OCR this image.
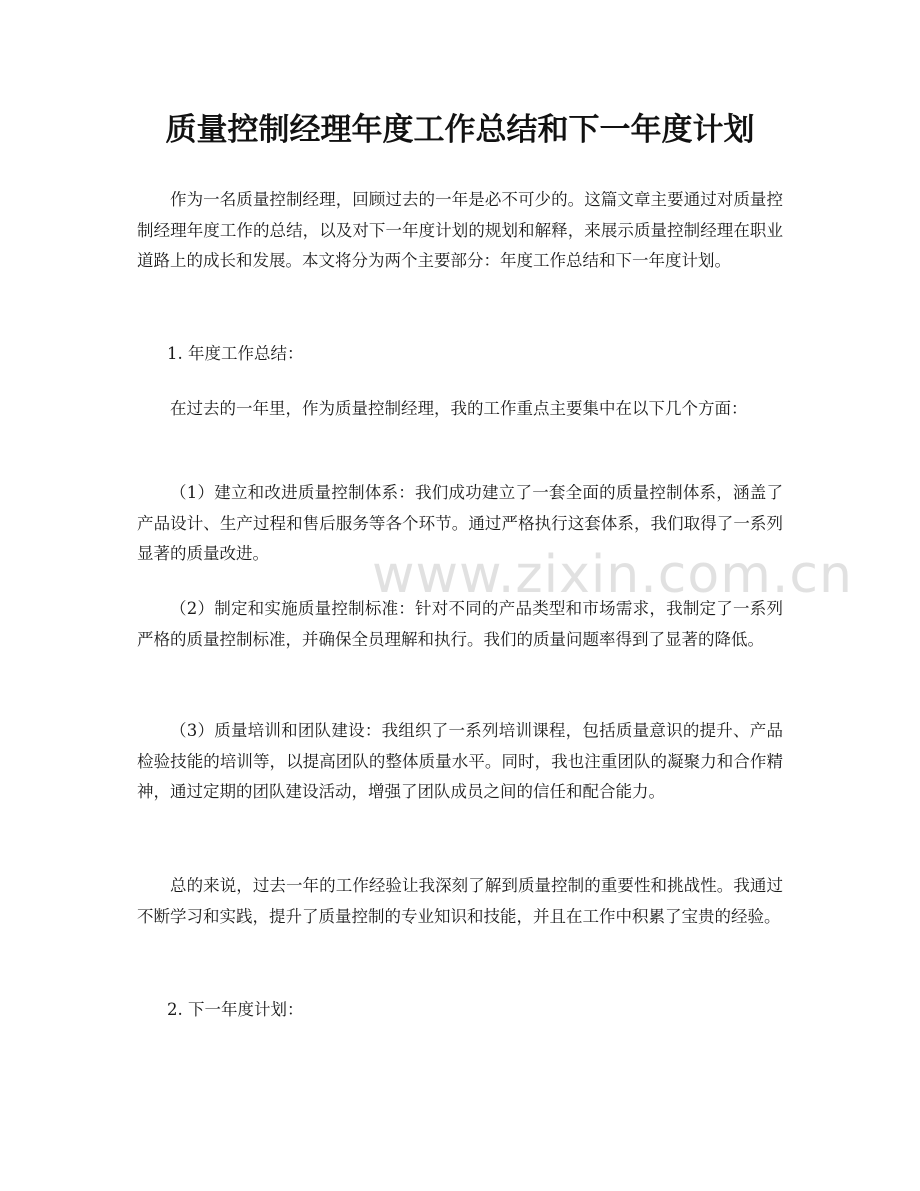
质量控制经理年度工作总结和下一年度计划

作为一名质量控制经理，回顾过去的一年是必不可少的。这篇文章主要通过对质量控制经理年度工作的总结，以及对下一年度计划的规划和解释，来展示质量控制经理在职业道路上的成长和发展。本文将分为两个主要部分：年度工作总结和下一年度计划。

1. 年度工作总结：

在过去的一年里，作为质量控制经理，我的工作重点主要集中在以下几个方面：

（1）建立和改进质量控制体系：我们成功建立了一套全面的质量控制体系，涵盖了产品设计、生产过程和售后服务等各个环节。通过严格执行这套体系，我们取得了一系列显著的质量改进。

（2）制定和实施质量控制标准：针对不同的产品类型和市场需求，我制定了一系列严格的质量控制标准，并确保全员理解和执行。我们的质量问题率得到了显著的降低。

（3）质量培训和团队建设：我组织了一系列培训课程，包括质量意识的提升、产品检验技能的培训等，以提高团队的整体质量水平。同时，我也注重团队的凝聚力和合作精神，通过定期的团队建设活动，增强了团队成员之间的信任和配合能力。

总的来说，过去一年的工作经验让我深刻了解到质量控制的重要性和挑战性。我通过不断学习和实践，提升了质量控制的专业知识和技能，并且在工作中积累了宝贵的经验。

2. 下一年度计划：

www.zixin.com.cn
